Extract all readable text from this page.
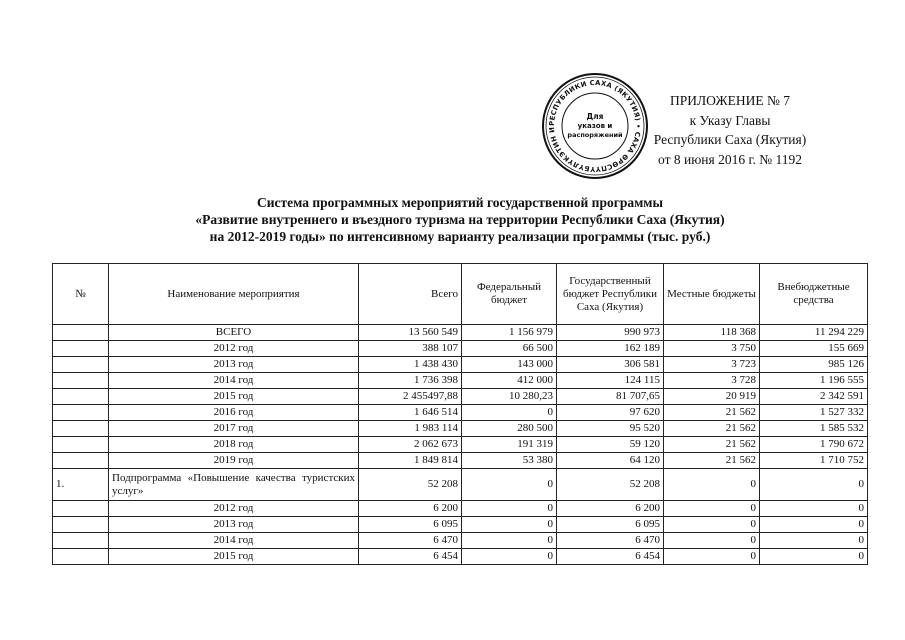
ПРИЛОЖЕНИЕ № 7
к Указу Главы
Республики Саха (Якутия)
от 8 июня 2016 г. № 1192
РЕСПУБЛИКИ САХА (ЯКУТИЯ) • САХА ӨРӨСПҮҮБҮЛҮКЭТИН И
Для
указов и
распоряжений
Система программных мероприятий государственной программы
«Развитие внутреннего и въездного туризма на территории Республики Саха (Якутия)
на 2012-2019 годы» по интенсивному варианту реализации программы (тыс. руб.)
№	Наименование мероприятия	Всего	Федеральный бюджет	Государственный бюджет Республики Саха (Якутия)	Местные бюджеты	Внебюджетные средства
	ВСЕГО	13 560 549	1 156 979	990 973	118 368	11 294 229
	2012 год	388 107	66 500	162 189	3 750	155 669
	2013 год	1 438 430	143 000	306 581	3 723	985 126
	2014 год	1 736 398	412 000	124 115	3 728	1 196 555
	2015 год	2 455497,88	10 280,23	81 707,65	20 919	2 342 591
	2016 год	1 646 514	0	97 620	21 562	1 527 332
	2017 год	1 983 114	280 500	95 520	21 562	1 585 532
	2018 год	2 062 673	191 319	59 120	21 562	1 790 672
	2019 год	1 849 814	53 380	64 120	21 562	1 710 752
1.	Подпрограмма «Повышение качества туристских услуг»	52 208	0	52 208	0	0
	2012 год	6 200	0	6 200	0	0
	2013 год	6 095	0	6 095	0	0
	2014 год	6 470	0	6 470	0	0
	2015 год	6 454	0	6 454	0	0
